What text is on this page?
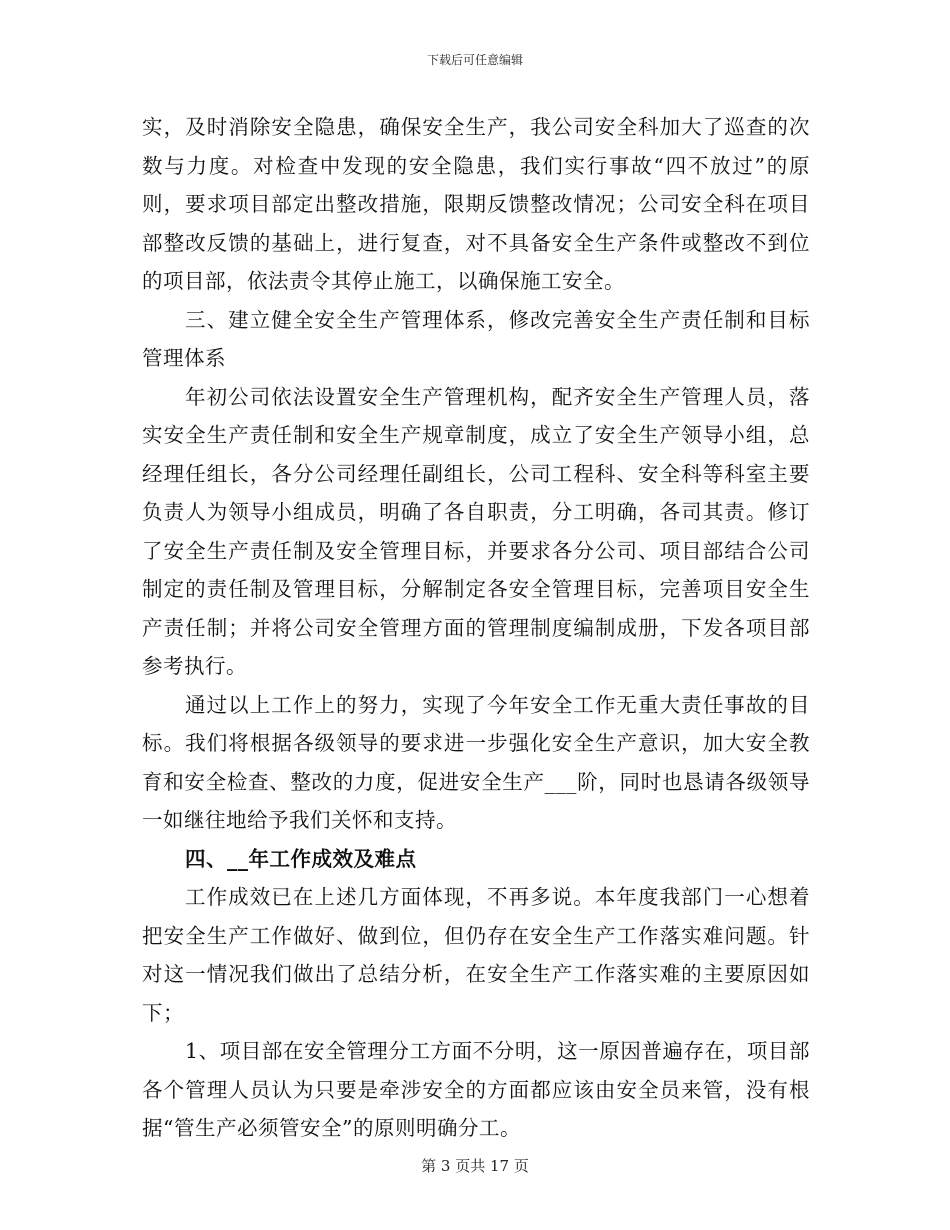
下载后可任意编辑

实，及时消除安全隐患，确保安全生产，我公司安全科加大了巡查的次数与力度。对检查中发现的安全隐患，我们实行事故“四不放过”的原则，要求项目部定出整改措施，限期反馈整改情况；公司安全科在项目部整改反馈的基础上，进行复查，对不具备安全生产条件或整改不到位的项目部，依法责令其停止施工，以确保施工安全。

三、建立健全安全生产管理体系，修改完善安全生产责任制和目标管理体系

年初公司依法设置安全生产管理机构，配齐安全生产管理人员，落实安全生产责任制和安全生产规章制度，成立了安全生产领导小组，总经理任组长，各分公司经理任副组长，公司工程科、安全科等科室主要负责人为领导小组成员，明确了各自职责，分工明确，各司其责。修订了安全生产责任制及安全管理目标，并要求各分公司、项目部结合公司制定的责任制及管理目标，分解制定各安全管理目标，完善项目安全生产责任制；并将公司安全管理方面的管理制度编制成册，下发各项目部参考执行。

通过以上工作上的努力，实现了今年安全工作无重大责任事故的目标。我们将根据各级领导的要求进一步强化安全生产意识，加大安全教育和安全检查、整改的力度，促进安全生产___阶，同时也恳请各级领导一如继往地给予我们关怀和支持。

四、__年工作成效及难点

工作成效已在上述几方面体现，不再多说。本年度我部门一心想着把安全生产工作做好、做到位，但仍存在安全生产工作落实难问题。针对这一情况我们做出了总结分析，在安全生产工作落实难的主要原因如下；

1、项目部在安全管理分工方面不分明，这一原因普遍存在，项目部各个管理人员认为只要是牵涉安全的方面都应该由安全员来管，没有根据“管生产必须管安全”的原则明确分工。

第 3 页共 17 页
